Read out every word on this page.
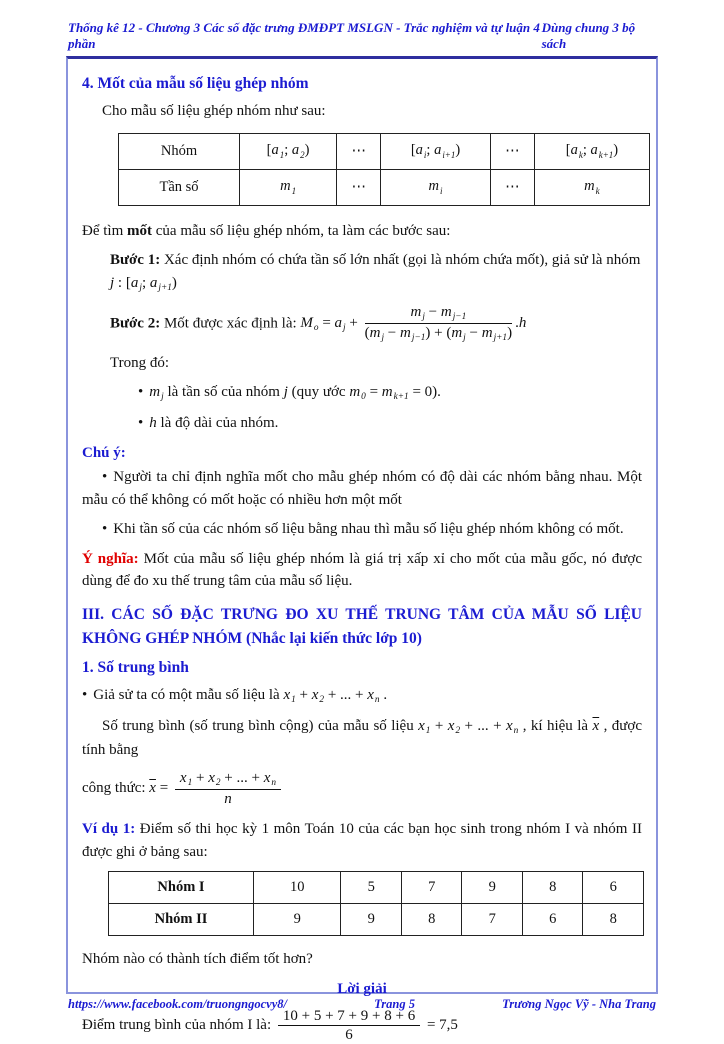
Thống kê 12 - Chương 3 Các số đặc trưng ĐMĐPT MSLGN - Trắc nghiệm và tự luận 4 phần
Dùng chung 3 bộ sách
4. Mốt của mẫu số liệu ghép nhóm

Cho mẫu số liệu ghép nhóm như sau:

Nhóm	[$a_1$; $a_2$)	⋯	[$a_i$; $a_{i+1}$)	⋯	[$a_k$; $a_{k+1}$)
Tần số	$m_1$	⋯	$m_i$	⋯	$m_k$

Để tìm mốt của mẫu số liệu ghép nhóm, ta làm các bước sau:

Bước 1: Xác định nhóm có chứa tần số lớn nhất (gọi là nhóm chứa mốt), giả sử là nhóm j : [$a_j$; $a_{j+1}$)

Bước 2: Mốt được xác định là: $M_o = a_j + \frac{m_j - m_{j-1}}{(m_j - m_{j-1}) + (m_j - m_{j+1})} .h$

Trong đó:

• $m_j$ là tần số của nhóm j (quy ước $m_0 = m_{k+1} = 0$).

• h là độ dài của nhóm.

Chú ý:

• Người ta chỉ định nghĩa mốt cho mẫu ghép nhóm có độ dài các nhóm bằng nhau. Một mẫu có thể không có mốt hoặc có nhiều hơn một mốt

• Khi tần số của các nhóm số liệu bằng nhau thì mẫu số liệu ghép nhóm không có mốt.

Ý nghĩa: Mốt của mẫu số liệu ghép nhóm là giá trị xấp xỉ cho mốt của mẫu gốc, nó được dùng để đo xu thế trung tâm của mẫu số liệu.

III. CÁC SỐ ĐẶC TRƯNG ĐO XU THẾ TRUNG TÂM CỦA MẪU SỐ LIỆU KHÔNG GHÉP NHÓM (Nhắc lại kiến thức lớp 10)
1. Số trung bình

• Giả sử ta có một mẫu số liệu là $x_1 + x_2$ + ... + $x_n$ .

Số trung bình (số trung bình cộng) của mẫu số liệu $x_1 + x_2$ + ... + $x_n$ , kí hiệu là $\overline{x}$ , được tính bằng

công thức: $\overline{x} = \frac{x_1 + x_2 + ... + x_n}{n}$

Ví dụ 1: Điểm số thi học kỳ 1 môn Toán 10 của các bạn học sinh trong nhóm I và nhóm II được ghi ở bảng sau:

Nhóm I	10	5	7	9	8	6
Nhóm II	9	9	8	7	6	8

Nhóm nào có thành tích điểm tốt hơn?

Lời giải

Điểm trung bình của nhóm I là: $\frac{10 + 5 + 7 + 9 + 8 + 6}{6} = 7,5$

https://www.facebook.com/truongngocvy8/	Trang 5	Trương Ngọc Vỹ - Nha Trang
